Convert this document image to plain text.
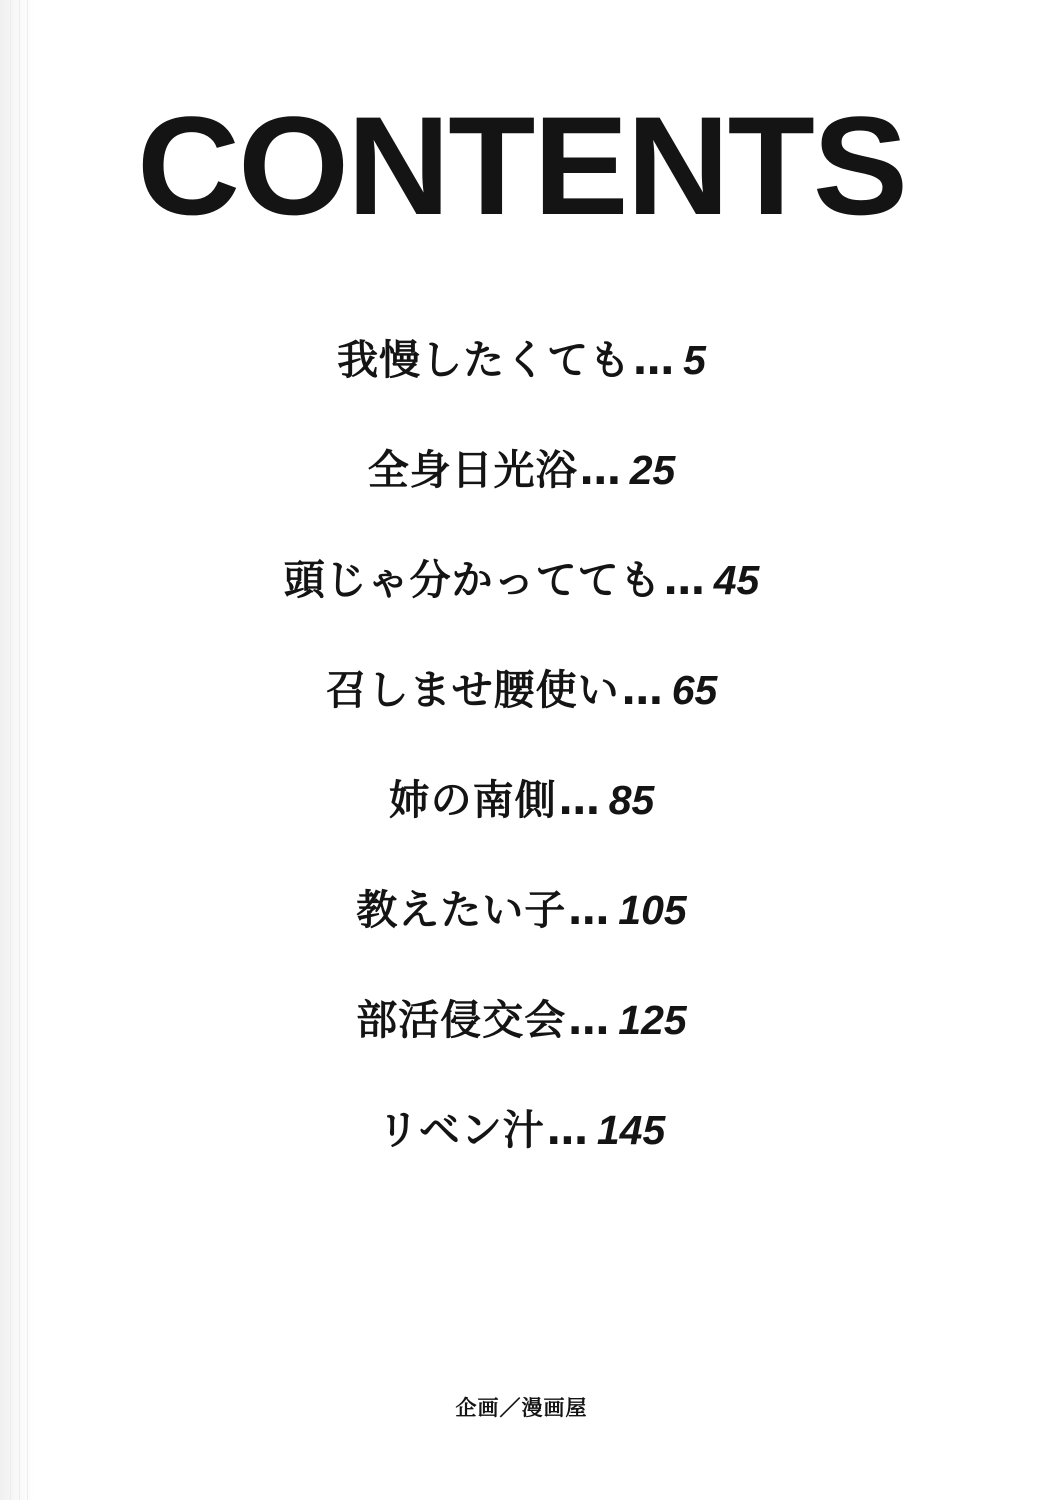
CONTENTS
我慢したくても … 5
全身日光浴 … 25
頭じゃ分かってても … 45
召しませ腰使い … 65
姉の南側 … 85
教えたい子 … 105
部活侵交会 … 125
リベン汁 … 145
企画／漫画屋
